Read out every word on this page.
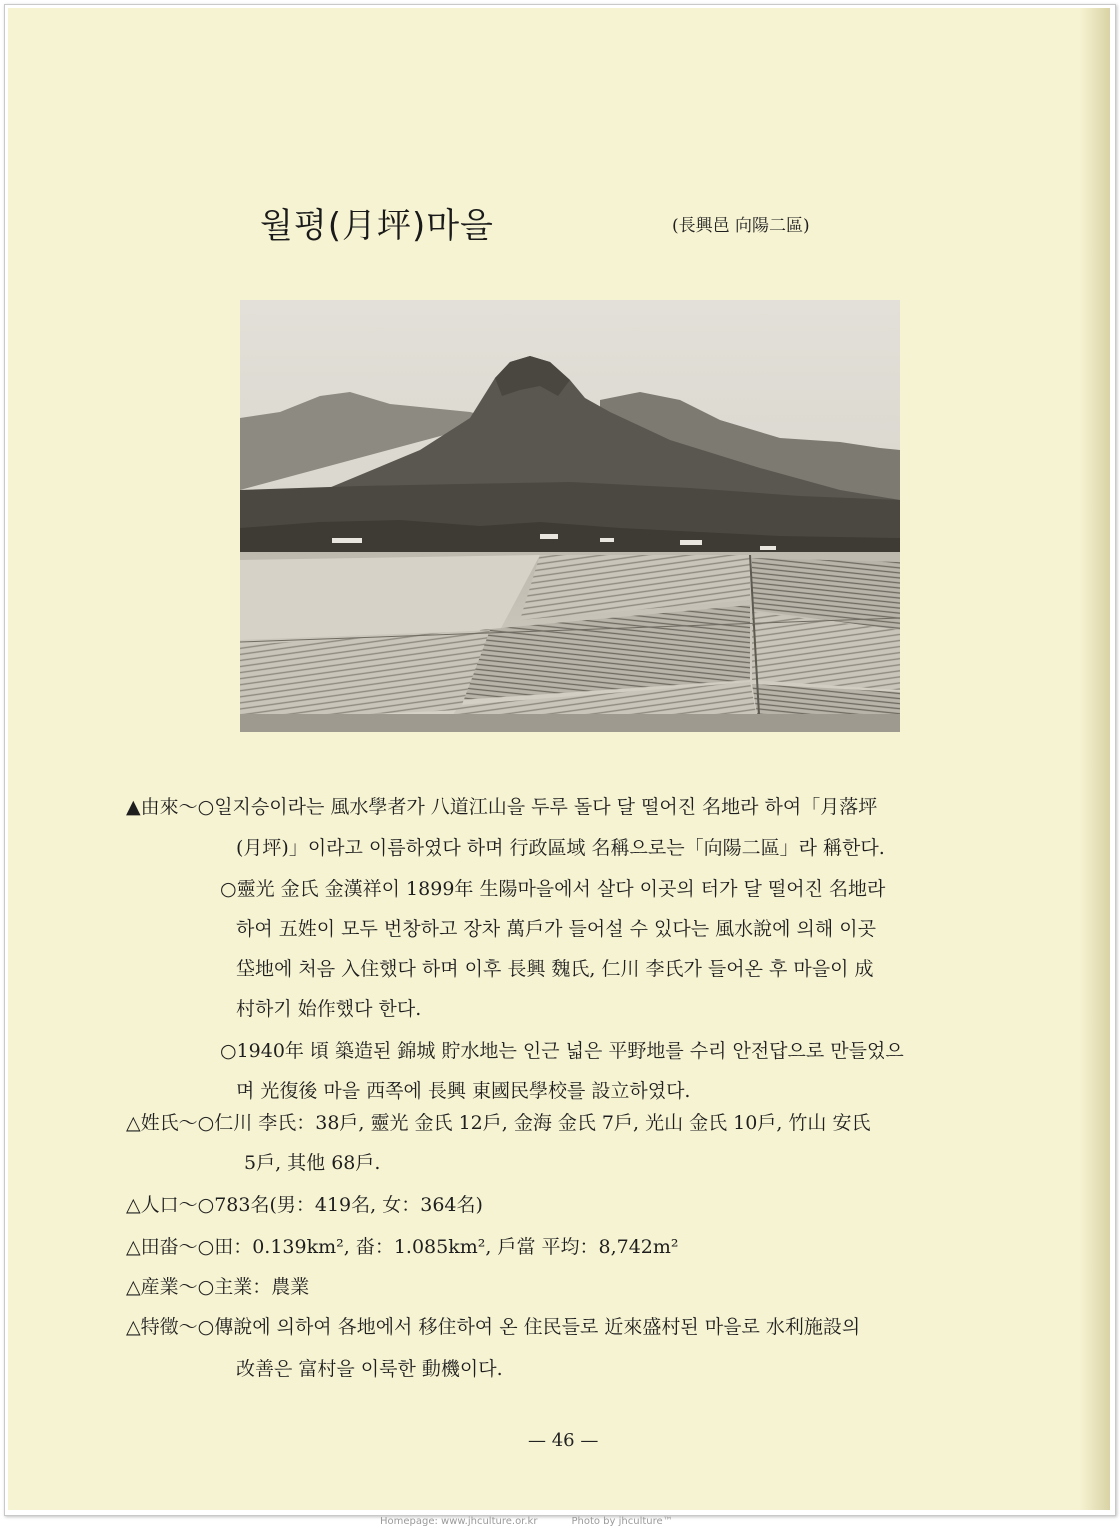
월평(月坪)마을	(長興邑 向陽二區)
▲由來～○일지승이라는 風水學者가 八道江山을 두루 돌다 달 떨어진 名地라 하여「月落坪
(月坪)」이라고 이름하였다 하며 行政區域 名稱으로는「向陽二區」라 稱한다.
○靈光 金氏 金漢祥이 1899年 生陽마을에서 살다 이곳의 터가 달 떨어진 名地라
하여 五姓이 모두 번창하고 장차 萬戶가 들어설 수 있다는 風水說에 의해 이곳
垈地에 처음 入住했다 하며 이후 長興 魏氏, 仁川 李氏가 들어온 후 마을이 成
村하기 始作했다 한다.
○1940年 頃 築造된 錦城 貯水地는 인근 넓은 平野地를 수리 안전답으로 만들었으
며 光復後 마을 西쪽에 長興 東國民學校를 設立하였다.
△姓氏～○仁川 李氏：38戶, 靈光 金氏 12戶, 金海 金氏 7戶, 光山 金氏 10戶, 竹山 安氏
5戶, 其他 68戶.
△人口～○783名(男：419名, 女：364名)
△田畓～○田：0.139km², 畓：1.085km², 戶當 平均：8,742m²
△産業～○主業：農業
△特徵～○傳說에 의하여 各地에서 移住하여 온 住民들로 近來盛村된 마을로 水利施設의
改善은 富村을 이룩한 動機이다.
— 46 —
Homepage: www.jhculture.or.kr	Photo by jhculture™
